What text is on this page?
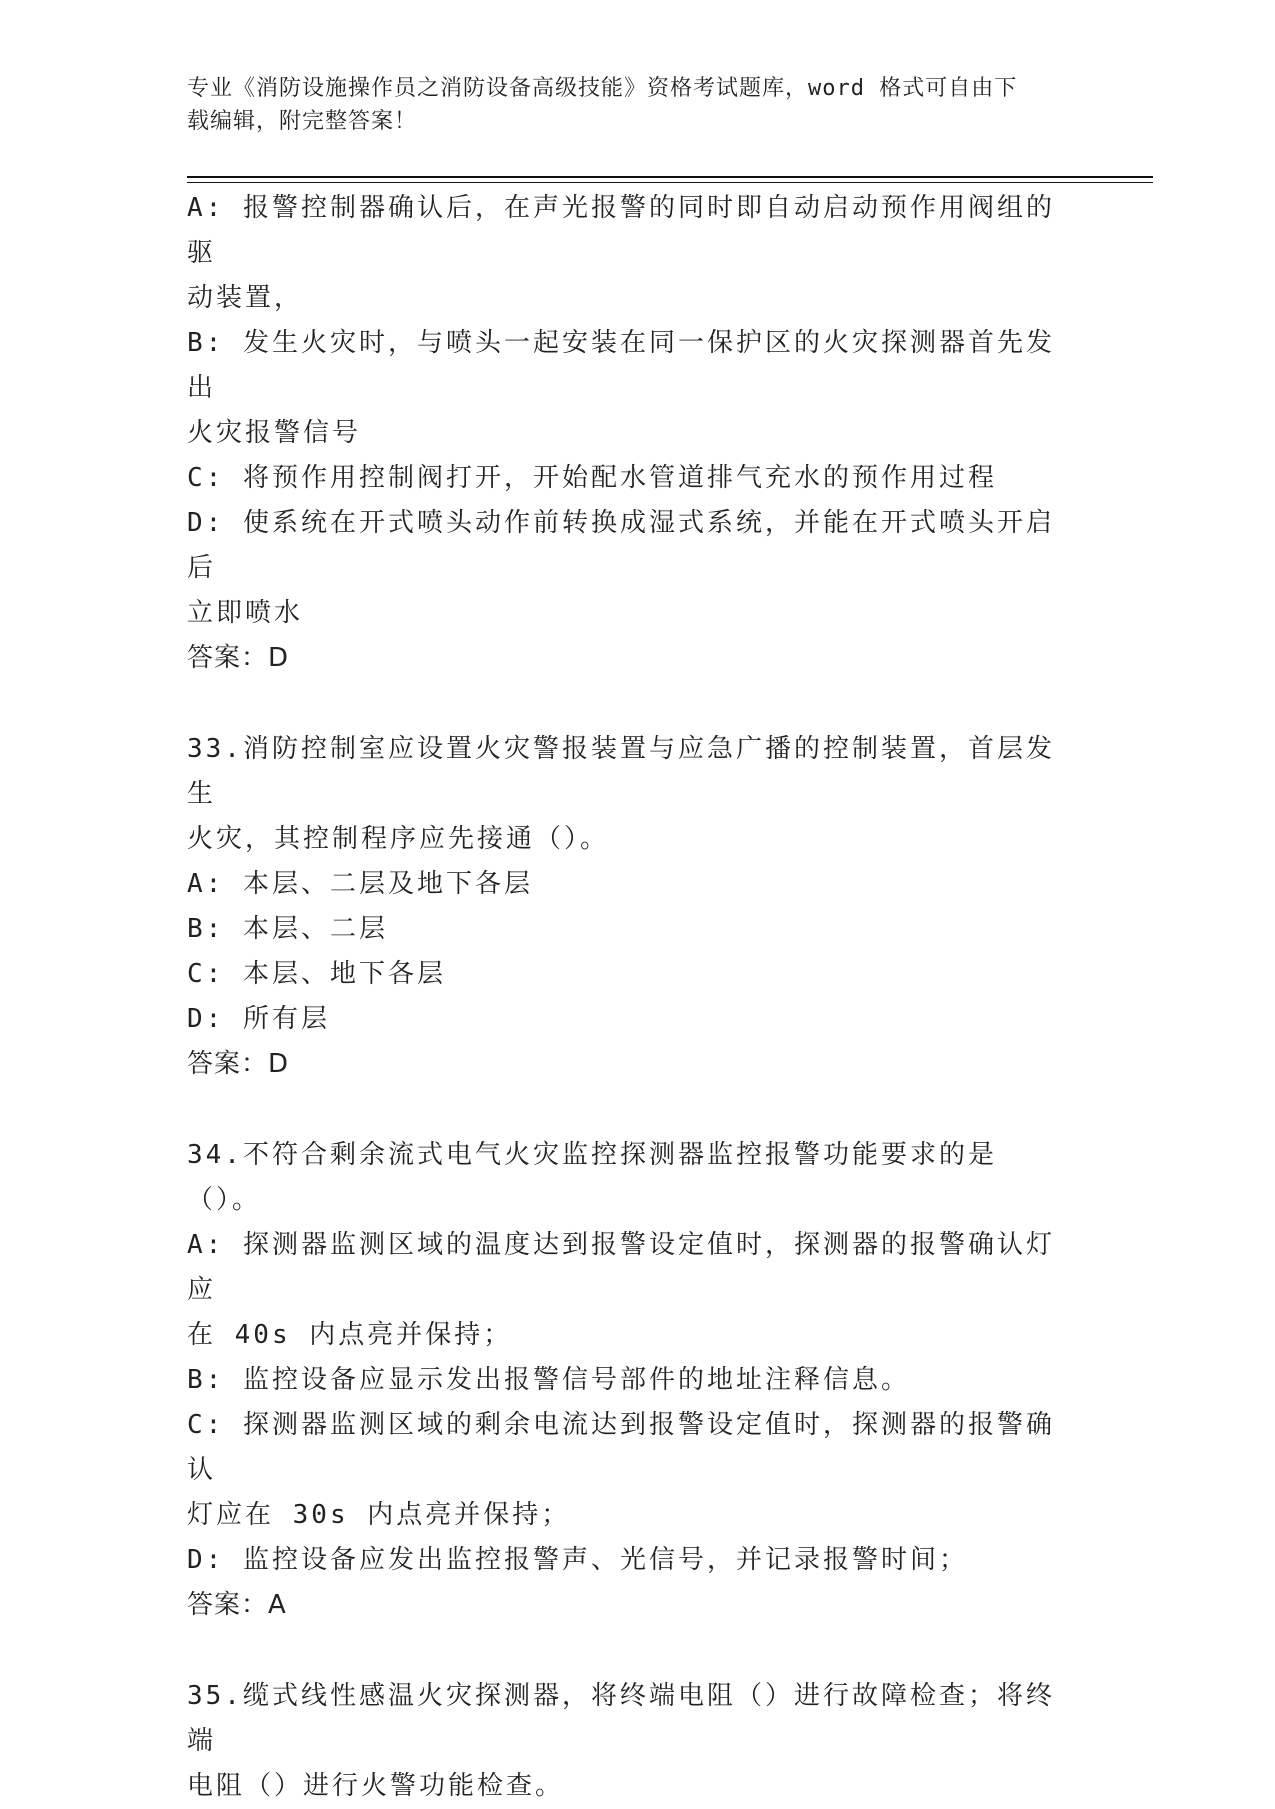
专业《消防设施操作员之消防设备高级技能》资格考试题库，word 格式可自由下
载编辑，附完整答案！
A: 报警控制器确认后，在声光报警的同时即自动启动预作用阀组的驱
动装置，
B: 发生火灾时，与喷头一起安装在同一保护区的火灾探测器首先发出
火灾报警信号
C: 将预作用控制阀打开，开始配水管道排气充水的预作用过程
D: 使系统在开式喷头动作前转换成湿式系统，并能在开式喷头开启后
立即喷水
答案：D
33.消防控制室应设置火灾警报装置与应急广播的控制装置，首层发生
火灾，其控制程序应先接通（）。
A: 本层、二层及地下各层
B: 本层、二层
C: 本层、地下各层
D: 所有层
答案：D
34.不符合剩余流式电气火灾监控探测器监控报警功能要求的是（）。
A: 探测器监测区域的温度达到报警设定值时，探测器的报警确认灯应
在 40s 内点亮并保持；
B: 监控设备应显示发出报警信号部件的地址注释信息。
C: 探测器监测区域的剩余电流达到报警设定值时，探测器的报警确认
灯应在 30s 内点亮并保持；
D: 监控设备应发出监控报警声、光信号，并记录报警时间；
答案：A
35.缆式线性感温火灾探测器，将终端电阻（）进行故障检查；将终端
电阻（）进行火警功能检查。
